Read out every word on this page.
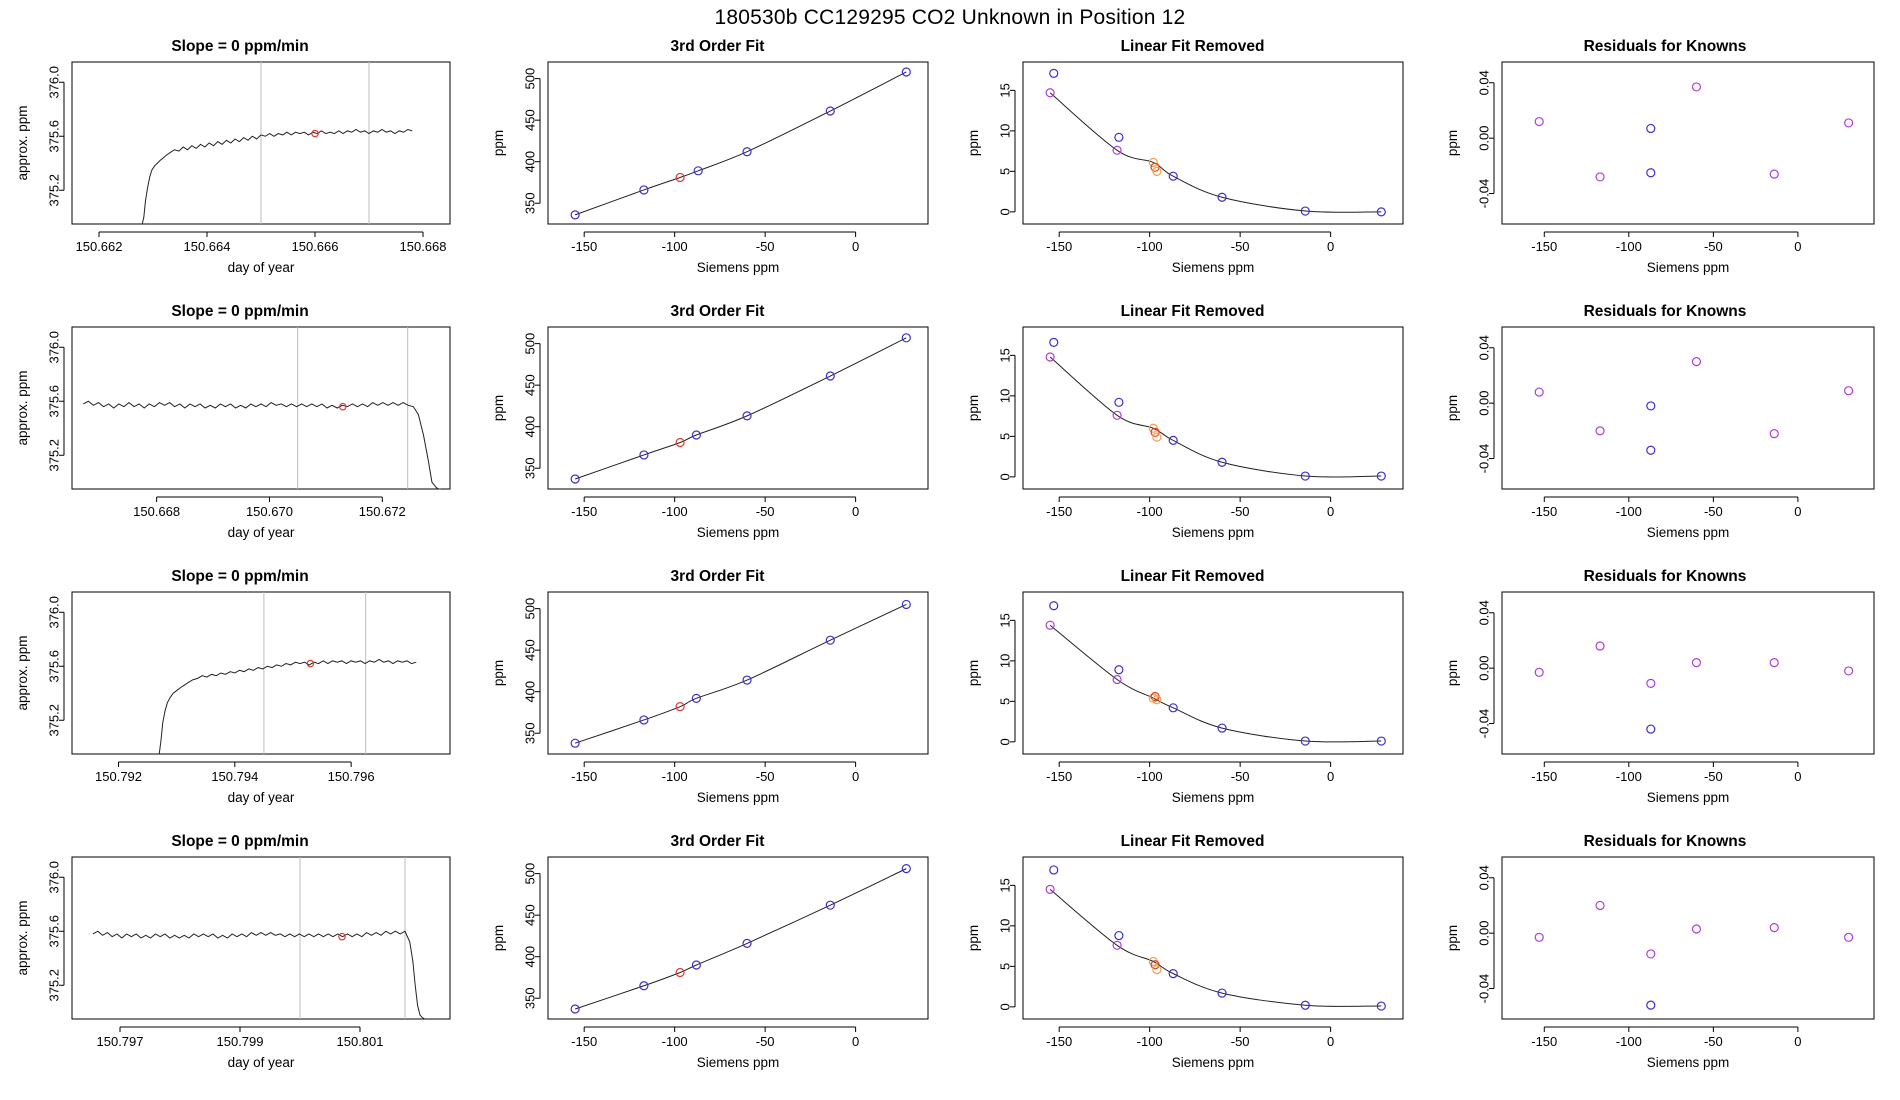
180530b CC129295 CO2 Unknown in Position 12
Slope = 0 ppm/min
150.662	150.664	150.666	150.668
375.2
375.6
376.0
day of year
approx. ppm
3rd Order Fit
-150	-100	-50	0
350
400
450
500
Siemens ppm
ppm
Linear Fit Removed
-150	-100	-50	0
0
5
10
15
Siemens ppm
ppm
Residuals for Knowns
-150	-100	-50	0
-0.04
0.00
0.04
Siemens ppm
ppm
Slope = 0 ppm/min
150.668	150.670	150.672
375.2
375.6
376.0
day of year
approx. ppm
3rd Order Fit
-150	-100	-50	0
350
400
450
500
Siemens ppm
ppm
Linear Fit Removed
-150	-100	-50	0
0
5
10
15
Siemens ppm
ppm
Residuals for Knowns
-150	-100	-50	0
-0.04
0.00
0.04
Siemens ppm
ppm
Slope = 0 ppm/min
150.792	150.794	150.796
375.2
375.6
376.0
day of year
approx. ppm
3rd Order Fit
-150	-100	-50	0
350
400
450
500
Siemens ppm
ppm
Linear Fit Removed
-150	-100	-50	0
0
5
10
15
Siemens ppm
ppm
Residuals for Knowns
-150	-100	-50	0
-0.04
0.00
0.04
Siemens ppm
ppm
Slope = 0 ppm/min
150.797	150.799	150.801
375.2
375.6
376.0
day of year
approx. ppm
3rd Order Fit
-150	-100	-50	0
350
400
450
500
Siemens ppm
ppm
Linear Fit Removed
-150	-100	-50	0
0
5
10
15
Siemens ppm
ppm
Residuals for Knowns
-150	-100	-50	0
-0.04
0.00
0.04
Siemens ppm
ppm
